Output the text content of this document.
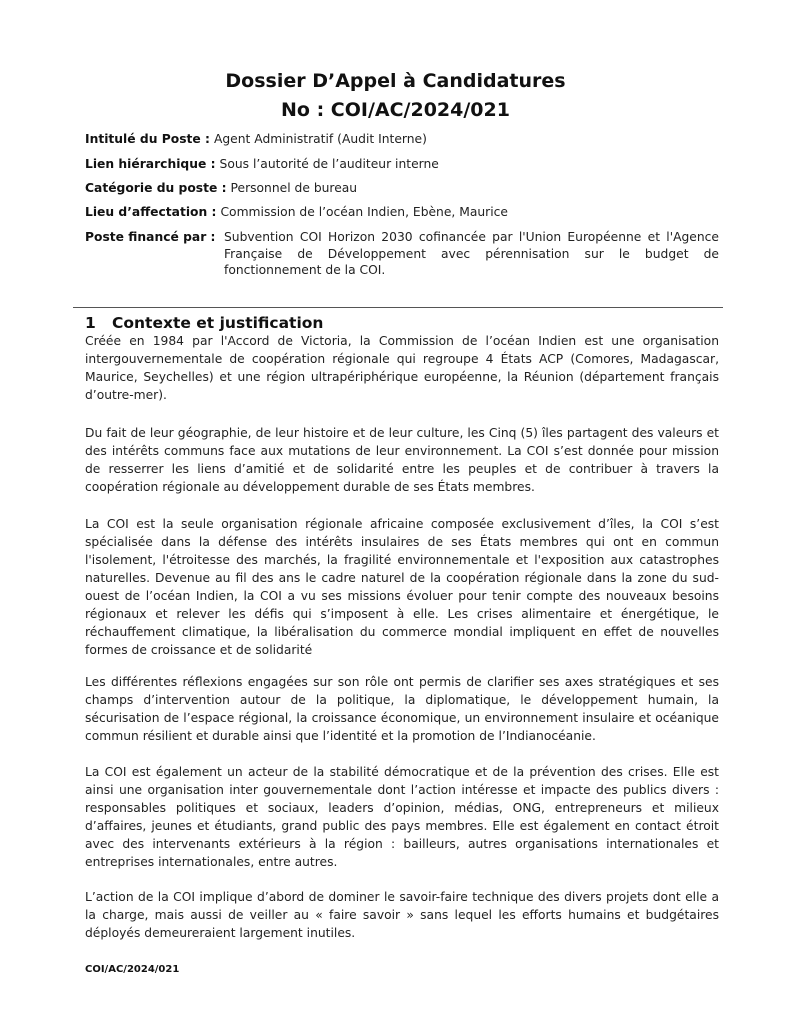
Dossier D’Appel à Candidatures
No : COI/AC/2024/021
Intitulé du Poste : Agent Administratif (Audit Interne)
Lien hiérarchique : Sous l’autorité de l’auditeur interne
Catégorie du poste : Personnel de bureau
Lieu d’affectation : Commission de l’océan Indien, Ebène, Maurice
Poste financé par : Subvention COI Horizon 2030 cofinancée par l'Union Européenne et l'Agence Française de Développement avec pérennisation sur le budget de fonctionnement de la COI.
1	Contexte et justification

Créée en 1984 par l'Accord de Victoria, la Commission de l’océan Indien est une organisation intergouvernementale de coopération régionale qui regroupe 4 États ACP (Comores, Madagascar, Maurice, Seychelles) et une région ultrapériphérique européenne, la Réunion (département français d’outre-mer).

Du fait de leur géographie, de leur histoire et de leur culture, les Cinq (5) îles partagent des valeurs et des intérêts communs face aux mutations de leur environnement. La COI s’est donnée pour mission de resserrer les liens d’amitié et de solidarité entre les peuples et de contribuer à travers la coopération régionale au développement durable de ses États membres.

La COI est la seule organisation régionale africaine composée exclusivement d’îles, la COI s’est spécialisée dans la défense des intérêts insulaires de ses États membres qui ont en commun l'isolement, l'étroitesse des marchés, la fragilité environnementale et l'exposition aux catastrophes naturelles. Devenue au fil des ans le cadre naturel de la coopération régionale dans la zone du sud-ouest de l’océan Indien, la COI a vu ses missions évoluer pour tenir compte des nouveaux besoins régionaux et relever les défis qui s’imposent à elle. Les crises alimentaire et énergétique, le réchauffement climatique, la libéralisation du commerce mondial impliquent en effet de nouvelles formes de croissance et de solidarité

Les différentes réflexions engagées sur son rôle ont permis de clarifier ses axes stratégiques et ses champs d’intervention autour de la politique, la diplomatique, le développement humain, la sécurisation de l’espace régional, la croissance économique, un environnement insulaire et océanique commun résilient et durable ainsi que l’identité et la promotion de l’Indianocéanie.

La COI est également un acteur de la stabilité démocratique et de la prévention des crises. Elle est ainsi une organisation inter gouvernementale dont l’action intéresse et impacte des publics divers : responsables politiques et sociaux, leaders d’opinion, médias, ONG, entrepreneurs et milieux d’affaires, jeunes et étudiants, grand public des pays membres. Elle est également en contact étroit avec des intervenants extérieurs à la région : bailleurs, autres organisations internationales et entreprises internationales, entre autres.

L’action de la COI implique d’abord de dominer le savoir-faire technique des divers projets dont elle a la charge, mais aussi de veiller au « faire savoir » sans lequel les efforts humains et budgétaires déployés demeureraient largement inutiles.

COI/AC/2024/021
